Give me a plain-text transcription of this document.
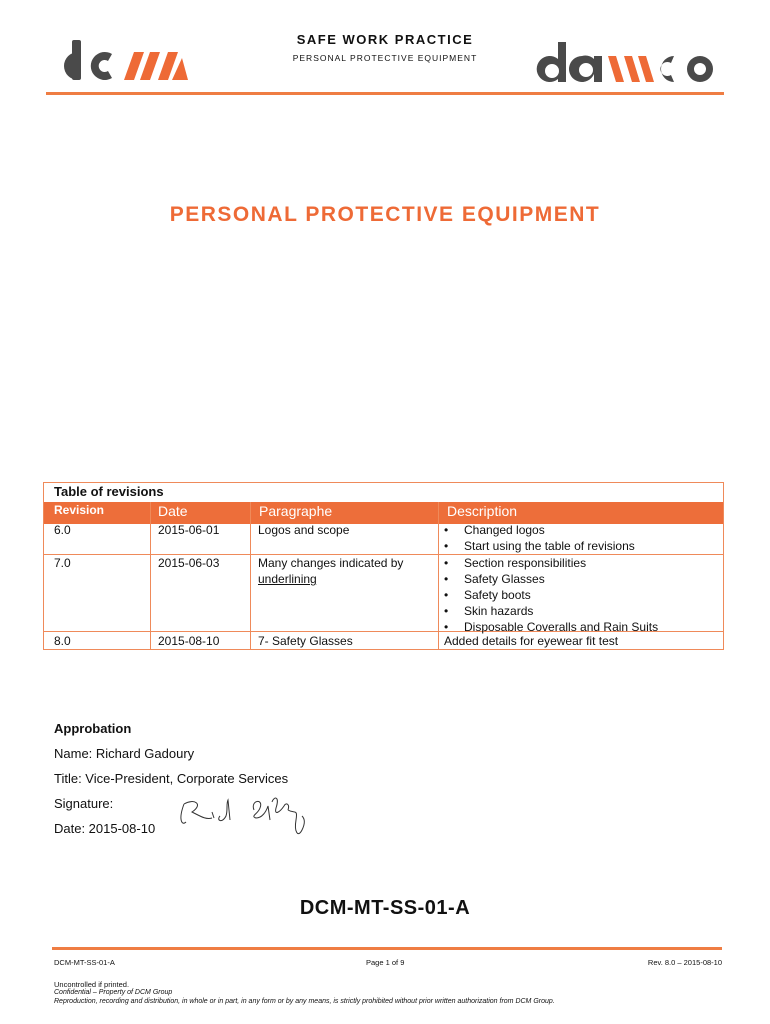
SAFE WORK PRACTICE
PERSONAL PROTECTIVE EQUIPMENT
PERSONAL PROTECTIVE EQUIPMENT
Table of revisions
Revision	Date	Paragraphe	Description
6.0	2015-06-01	Logos and scope
•	Changed logos
• Start using the table of revisions
7.0	2015-06-03	Many changes indicated by
underlining
• Section responsibilities
• Safety Glasses
• Safety boots
• Skin hazards
• Disposable Coveralls and Rain Suits
8.0	2015-08-10	7- Safety Glasses	Added details for eyewear fit test
Approbation
Name: Richard Gadoury
Title: Vice-President, Corporate Services
Signature:
Date: 2015-08-10
DCM-MT-SS-01-A
DCM-MT-SS-01-A	Page 1 of 9	Rev. 8.0 – 2015-08-10
Uncontrolled if printed.
Confidential – Property of DCM Group
Reproduction, recording and distribution, in whole or in part, in any form or by any means, is strictly prohibited without prior written authorization from DCM Group.
